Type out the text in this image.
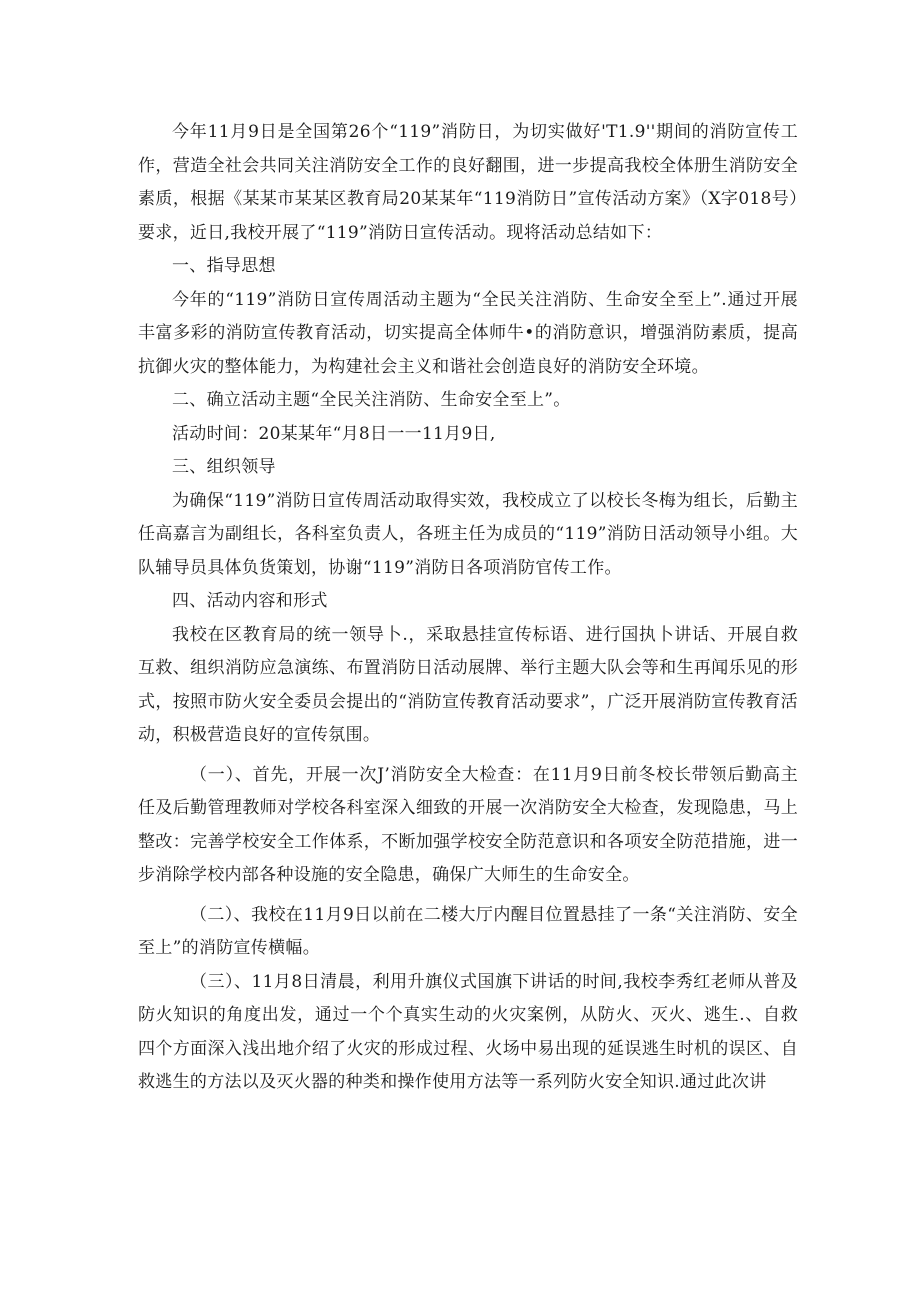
今年11月9日是全国第26个“119”消防日，为切实做好'T1.9''期间的消防宣传工作，营造全社会共同关注消防安全工作的良好翻围，进一步提高我校全体册生消防安全素质，根据《某某市某某区教育局20某某年“119消防日”宣传活动方案》（X字018号）要求，近日,我校开展了“119”消防日宣传活动。现将活动总结如下：

一、指导思想

今年的“119”消防日宣传周活动主题为“全民关注消防、生命安全至上”.通过开展丰富多彩的消防宣传教育活动，切实提高全体师牛•的消防意识，增强消防素质，提高抗御火灾的整体能力，为构建社会主义和谐社会创造良好的消防安全环境。

二、确立活动主题“全民关注消防、生命安全至上”。

活动时间：20某某年“月8日一一11月9日,

三、组织领导

为确保“119”消防日宣传周活动取得实效，我校成立了以校长冬梅为组长，后勤主任高嘉言为副组长，各科室负责人，各班主任为成员的“119”消防日活动领导小组。大队辅导员具体负货策划，协谢“119”消防日各项消防官传工作。

四、活动内容和形式

我校在区教育局的统一领导卜.，采取悬挂宣传标语、进行国执卜讲话、开展自救互救、组织消防应急演练、布置消防日活动展牌、举行主题大队会等和生再闻乐见的形式，按照市防火安全委员会提出的“消防宣传教育活动要求”，广泛开展消防宣传教育活动，积极营造良好的宣传氛围。

（一）、首先，开展一次J’消防安全大检查：在11月9日前冬校长带领后勤高主任及后勤管理教师对学校各科室深入细致的开展一次消防安全大检查，发现隐患，马上整改：完善学校安全工作体系，不断加强学校安全防范意识和各项安全防范措施，进一步消除学校内部各种设施的安全隐患，确保广大师生的生命安全。

（二）、我校在11月9日以前在二楼大厅内醒目位置悬挂了一条“关注消防、安全至上”的消防宣传横幅。

（三）、11月8日清晨，利用升旗仪式国旗下讲话的时间,我校李秀红老师从普及防火知识的角度出发，通过一个个真实生动的火灾案例，从防火、灭火、逃生.、自救四个方面深入浅出地介绍了火灾的形成过程、火场中易出现的延误逃生时机的误区、自救逃生的方法以及灭火器的种类和操作使用方法等一系列防火安全知识.通过此次讲
